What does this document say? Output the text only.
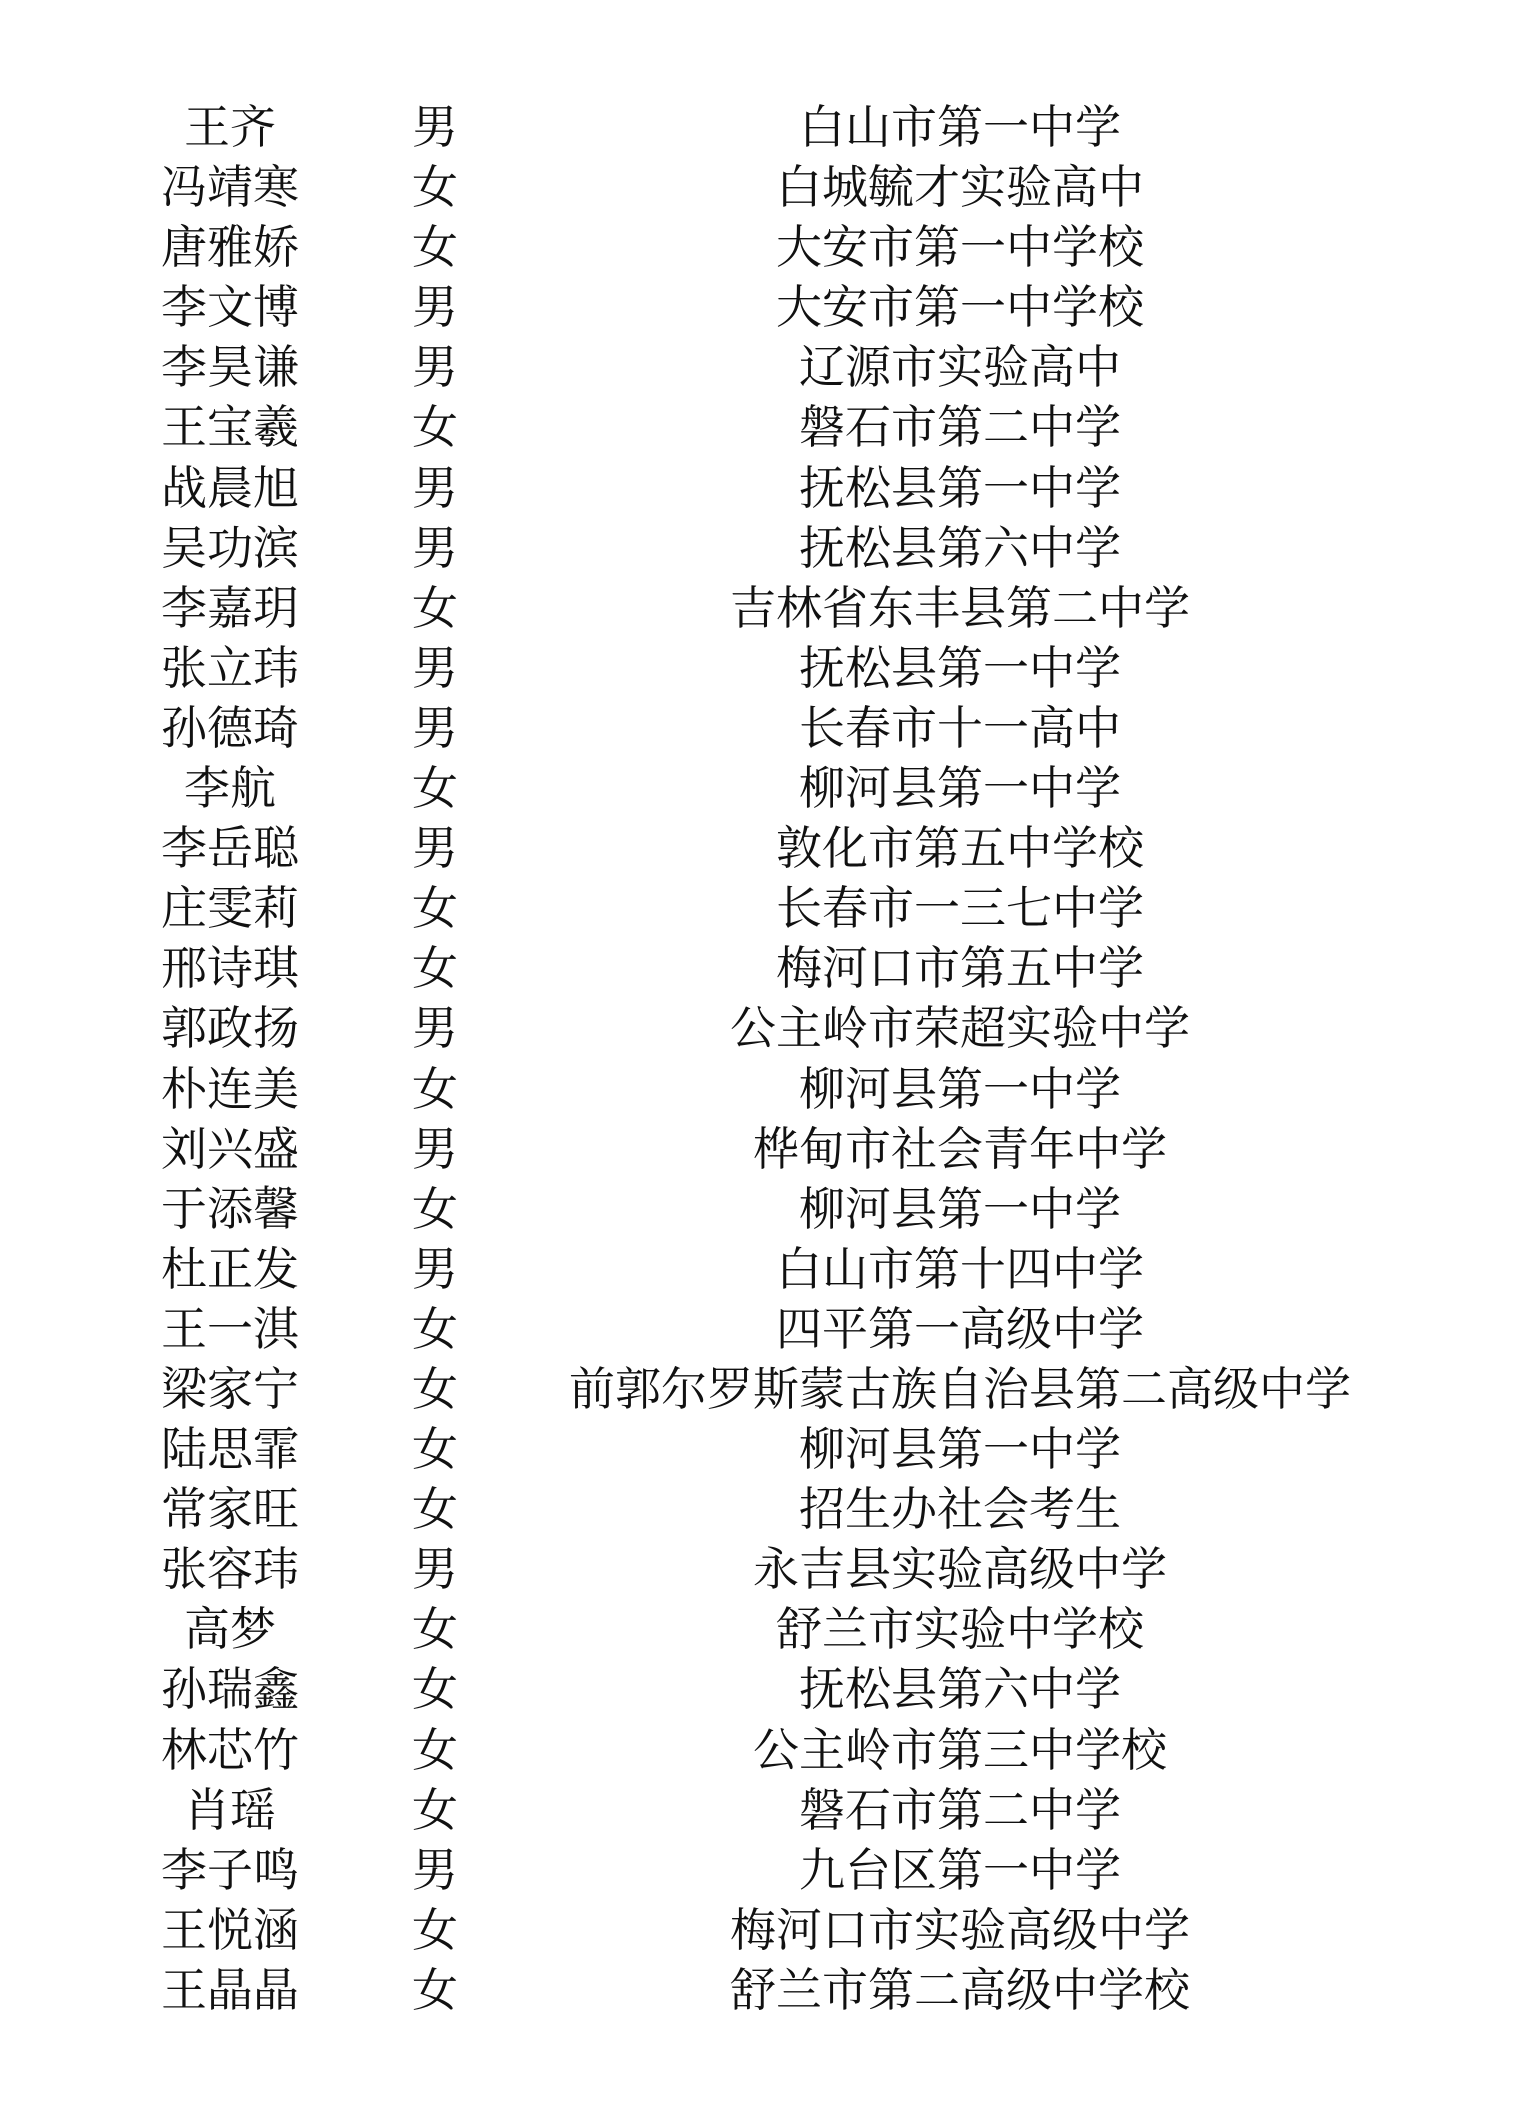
王齐	男	白山市第一中学
冯靖寒	女	白城毓才实验高中
唐雅娇	女	大安市第一中学校
李文博	男	大安市第一中学校
李昊谦	男	辽源市实验高中
王宝羲	女	磐石市第二中学
战晨旭	男	抚松县第一中学
吴功滨	男	抚松县第六中学
李嘉玥	女	吉林省东丰县第二中学
张立玮	男	抚松县第一中学
孙德琦	男	长春市十一高中
李航	女	柳河县第一中学
李岳聪	男	敦化市第五中学校
庄雯莉	女	长春市一三七中学
邢诗琪	女	梅河口市第五中学
郭政扬	男	公主岭市荣超实验中学
朴连美	女	柳河县第一中学
刘兴盛	男	桦甸市社会青年中学
于添馨	女	柳河县第一中学
杜正发	男	白山市第十四中学
王一淇	女	四平第一高级中学
梁家宁	女	前郭尔罗斯蒙古族自治县第二高级中学
陆思霏	女	柳河县第一中学
常家旺	女	招生办社会考生
张容玮	男	永吉县实验高级中学
高梦	女	舒兰市实验中学校
孙瑞鑫	女	抚松县第六中学
林芯竹	女	公主岭市第三中学校
肖瑶	女	磐石市第二中学
李子鸣	男	九台区第一中学
王悦涵	女	梅河口市实验高级中学
王晶晶	女	舒兰市第二高级中学校
